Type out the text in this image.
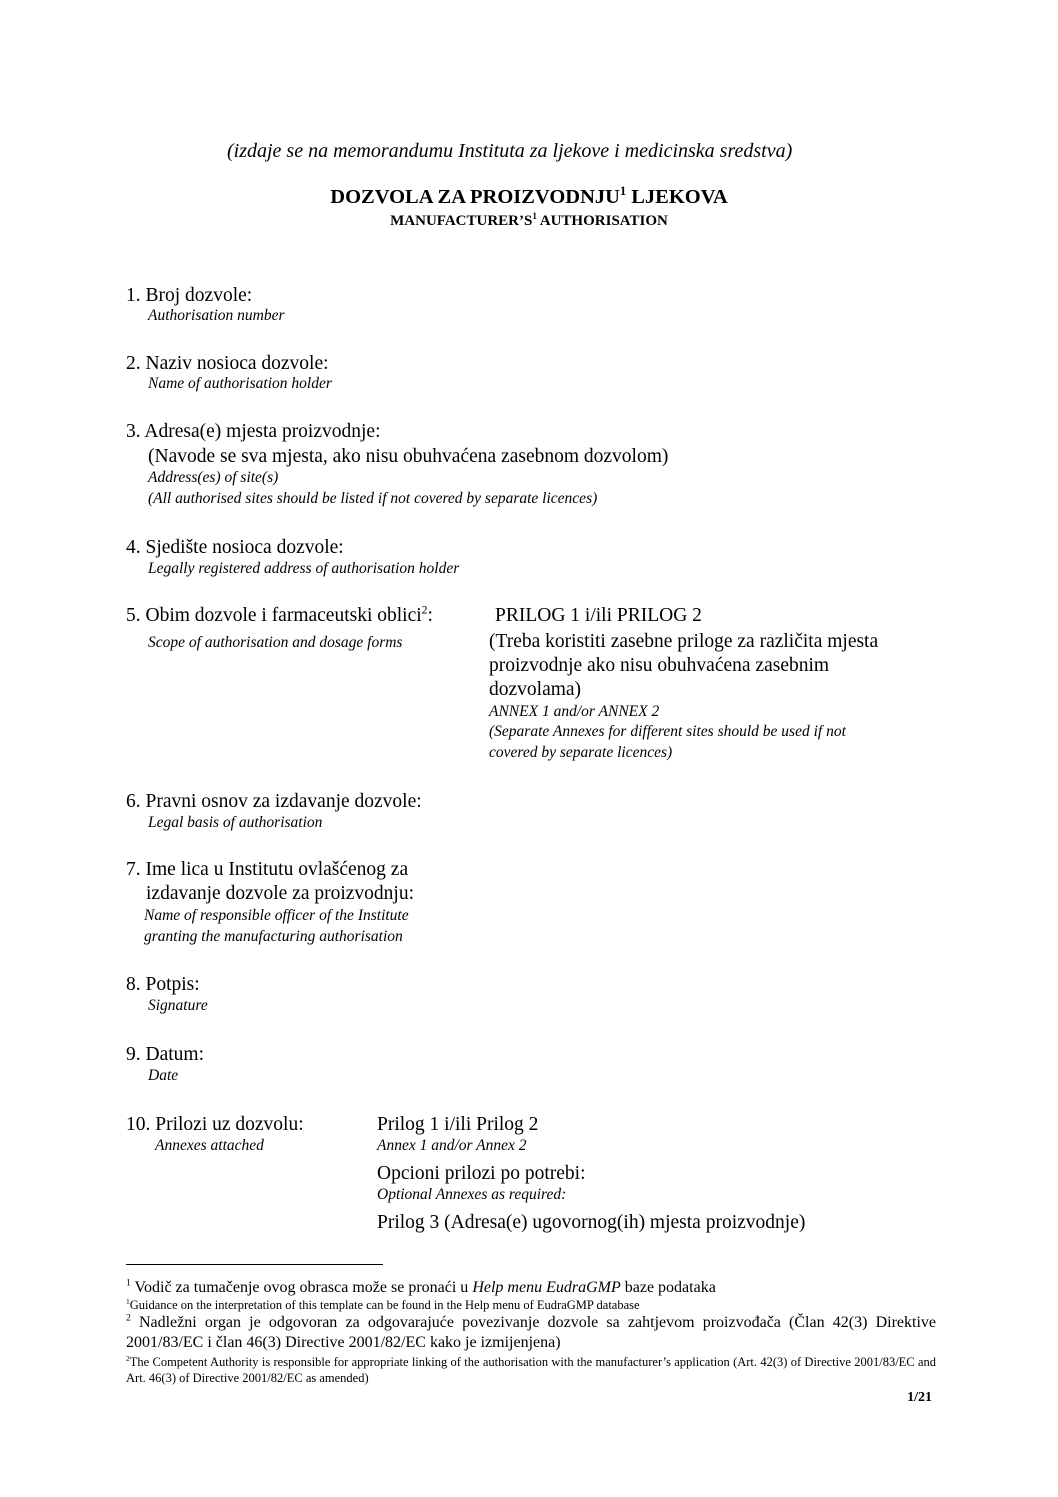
(izdaje se na memorandumu Instituta za ljekove i medicinska sredstva)
DOZVOLA ZA PROIZVODNJU$^1$ LJEKOVA
$MANUFACTURER’S^1$ AUTHORISATION
1. Broj dozvole:
Authorisation number
2. Naziv nosioca dozvole:
Name of authorisation holder
3. Adresa(e) mjesta proizvodnje:
(Navode se sva mjesta, ako nisu obuhvaćena zasebnom dozvolom)
Address(es) of site(s)
(All authorised sites should be listed if not covered by separate licences)
4. Sjedište nosioca dozvole:
Legally registered address of authorisation holder
5. Obim dozvole i farmaceutski oblici$^2$:
Scope of authorisation and dosage forms
PRILOG 1 i/ili PRILOG 2
(Treba koristiti zasebne priloge za različita mjesta
proizvodnje ako nisu obuhvaćena zasebnim
dozvolama)
ANNEX 1 and/or ANNEX 2
(Separate Annexes for different sites should be used if not
covered by separate licences)
6. Pravni osnov za izdavanje dozvole:
Legal basis of authorisation
7. Ime lica u Institutu ovlašćenog za
izdavanje dozvole za proizvodnju:
Name of responsible officer of the Institute
granting the manufacturing authorisation
8. Potpis:
Signature
9. Datum:
Date
10. Prilozi uz dozvolu:
Annexes attached
Prilog 1 i/ili Prilog 2
Annex 1 and/or Annex 2
Opcioni prilozi po potrebi:
Optional Annexes as required:
Prilog 3 (Adresa(e) ugovornog(ih) mjesta proizvodnje)
$^1$ Vodič za tumačenje ovog obrasca može se pronaći u Help menu EudraGMP baze podataka
$^1$Guidance on the interpretation of this template can be found in the Help menu of EudraGMP database
$^2$ Nadležni organ je odgovoran za odgovarajuće povezivanje dozvole sa zahtjevom proizvođača (Član 42(3) Direktive 2001/83/EC i član 46(3) Directive 2001/82/EC kako je izmijenjena)
$^2$The Competent Authority is responsible for appropriate linking of the authorisation with the manufacturer’s application (Art. 42(3) of Directive 2001/83/EC and Art. 46(3) of Directive 2001/82/EC as amended)
1/21
